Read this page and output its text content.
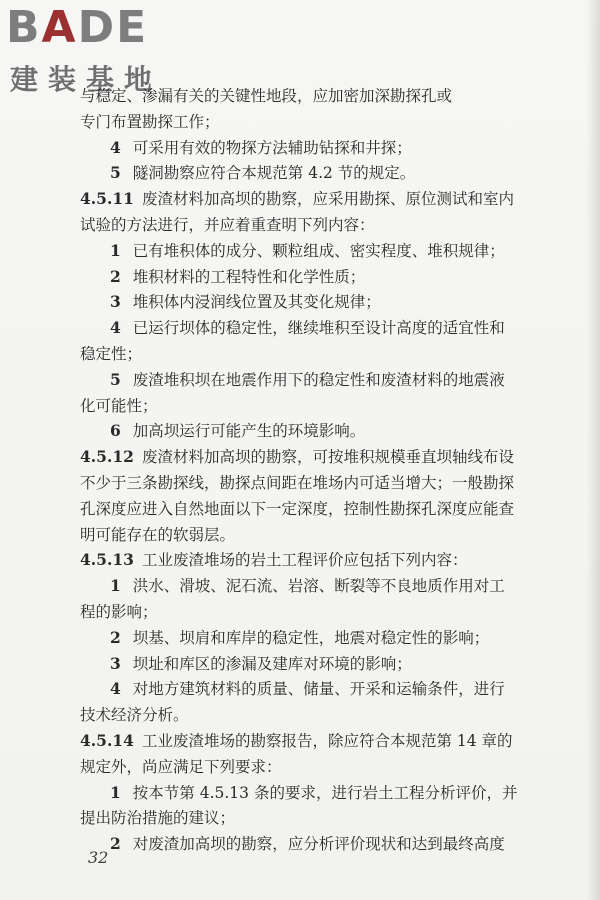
BADE
建装基地
与稳定、渗漏有关的关键性地段，应加密加深勘探孔或
专门布置勘探工作；
4 可采用有效的物探方法辅助钻探和井探；
5 隧洞勘察应符合本规范第 4.2 节的规定。
4.5.11 废渣材料加高坝的勘察，应采用勘探、原位测试和室内
试验的方法进行，并应着重查明下列内容：
1 已有堆积体的成分、颗粒组成、密实程度、堆积规律；
2 堆积材料的工程特性和化学性质；
3 堆积体内浸润线位置及其变化规律；
4 已运行坝体的稳定性，继续堆积至设计高度的适宜性和
稳定性；
5 废渣堆积坝在地震作用下的稳定性和废渣材料的地震液
化可能性；
6 加高坝运行可能产生的环境影响。
4.5.12 废渣材料加高坝的勘察，可按堆积规模垂直坝轴线布设
不少于三条勘探线，勘探点间距在堆场内可适当增大；一般勘探
孔深度应进入自然地面以下一定深度，控制性勘探孔深度应能查
明可能存在的软弱层。
4.5.13 工业废渣堆场的岩土工程评价应包括下列内容：
1 洪水、滑坡、泥石流、岩溶、断裂等不良地质作用对工
程的影响；
2 坝基、坝肩和库岸的稳定性，地震对稳定性的影响；
3 坝址和库区的渗漏及建库对环境的影响；
4 对地方建筑材料的质量、储量、开采和运输条件，进行
技术经济分析。
4.5.14 工业废渣堆场的勘察报告，除应符合本规范第 14 章的
规定外，尚应满足下列要求：
1 按本节第 4.5.13 条的要求，进行岩土工程分析评价，并
提出防治措施的建议；
2 对废渣加高坝的勘察，应分析评价现状和达到最终高度
32
